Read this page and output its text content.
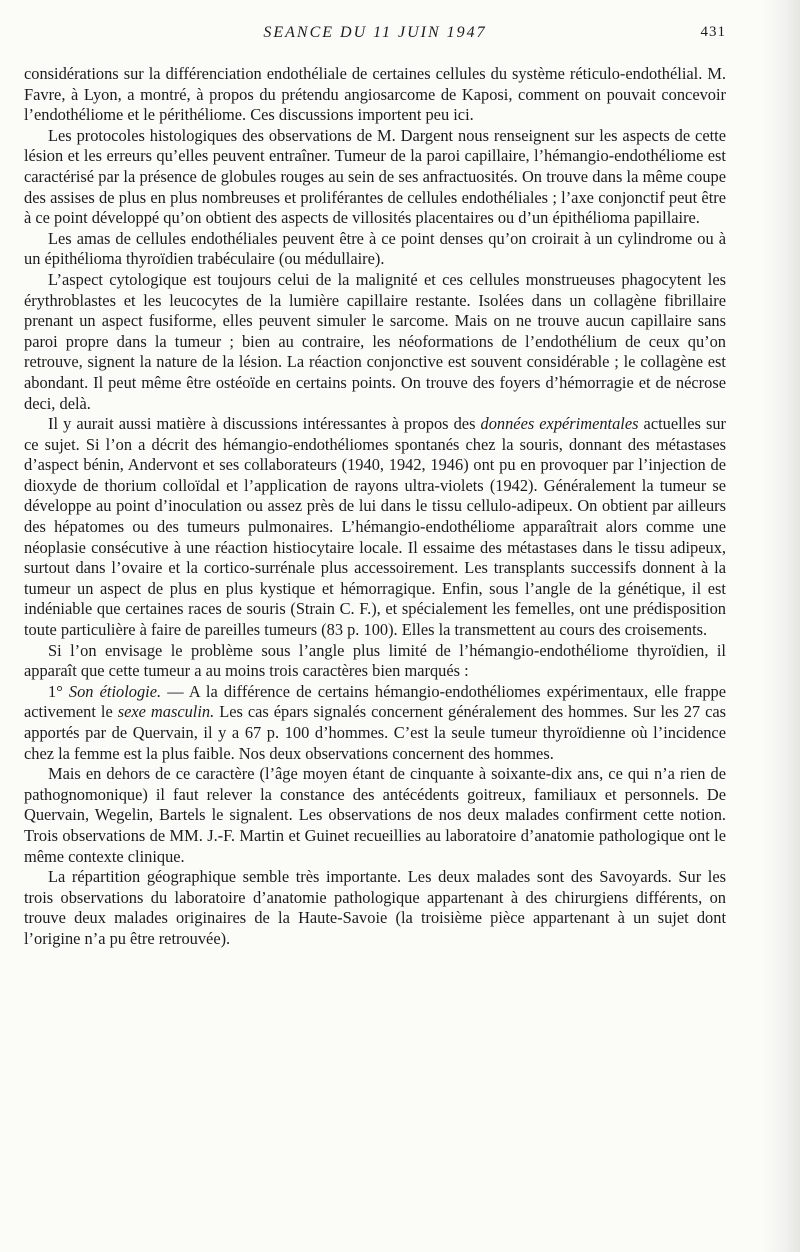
SEANCE DU 11 JUIN 1947	431

considérations sur la différenciation endothéliale de certaines cellules du système réticulo-endothélial. M. Favre, à Lyon, a montré, à propos du prétendu angiosarcome de Kaposi, comment on pouvait concevoir l’endothéliome et le périthéliome. Ces discussions importent peu ici.

Les protocoles histologiques des observations de M. Dargent nous renseignent sur les aspects de cette lésion et les erreurs qu’elles peuvent entraîner. Tumeur de la paroi capillaire, l’hémangio-endothéliome est caractérisé par la présence de globules rouges au sein de ses anfractuosités. On trouve dans la même coupe des assises de plus en plus nombreuses et proliférantes de cellules endothéliales ; l’axe conjonctif peut être à ce point développé qu’on obtient des aspects de villosités placentaires ou d’un épithélioma papillaire.

Les amas de cellules endothéliales peuvent être à ce point denses qu’on croirait à un cylindrome ou à un épithélioma thyroïdien trabéculaire (ou médullaire).

L’aspect cytologique est toujours celui de la malignité et ces cellules monstrueuses phagocytent les érythroblastes et les leucocytes de la lumière capillaire restante. Isolées dans un collagène fibrillaire prenant un aspect fusiforme, elles peuvent simuler le sarcome. Mais on ne trouve aucun capillaire sans paroi propre dans la tumeur ; bien au contraire, les néoformations de l’endothélium de ceux qu’on retrouve, signent la nature de la lésion. La réaction conjonctive est souvent considérable ; le collagène est abondant. Il peut même être ostéoïde en certains points. On trouve des foyers d’hémorragie et de nécrose deci, delà.

Il y aurait aussi matière à discussions intéressantes à propos des données expérimentales actuelles sur ce sujet. Si l’on a décrit des hémangio-endothéliomes spontanés chez la souris, donnant des métastases d’aspect bénin, Andervont et ses collaborateurs (1940, 1942, 1946) ont pu en provoquer par l’injection de dioxyde de thorium colloïdal et l’application de rayons ultra-violets (1942). Généralement la tumeur se développe au point d’inoculation ou assez près de lui dans le tissu cellulo-adipeux. On obtient par ailleurs des hépatomes ou des tumeurs pulmonaires. L’hémangio-endothéliome apparaîtrait alors comme une néoplasie consécutive à une réaction histiocytaire locale. Il essaime des métastases dans le tissu adipeux, surtout dans l’ovaire et la cortico-surrénale plus accessoirement. Les transplants successifs donnent à la tumeur un aspect de plus en plus kystique et hémorragique. Enfin, sous l’angle de la génétique, il est indéniable que certaines races de souris (Strain C. F.), et spécialement les femelles, ont une prédisposition toute particulière à faire de pareilles tumeurs (83 p. 100). Elles la transmettent au cours des croisements.

Si l’on envisage le problème sous l’angle plus limité de l’hémangio-endothéliome thyroïdien, il apparaît que cette tumeur a au moins trois caractères bien marqués :

1° Son étiologie. — A la différence de certains hémangio-endothéliomes expérimentaux, elle frappe activement le sexe masculin. Les cas épars signalés concernent généralement des hommes. Sur les 27 cas apportés par de Quervain, il y a 67 p. 100 d’hommes. C’est la seule tumeur thyroïdienne où l’incidence chez la femme est la plus faible. Nos deux observations concernent des hommes.

Mais en dehors de ce caractère (l’âge moyen étant de cinquante à soixante-dix ans, ce qui n’a rien de pathognomonique) il faut relever la constance des antécédents goitreux, familiaux et personnels. De Quervain, Wegelin, Bartels le signalent. Les observations de nos deux malades confirment cette notion. Trois observations de MM. J.-F. Martin et Guinet recueillies au laboratoire d’anatomie pathologique ont le même contexte clinique.

La répartition géographique semble très importante. Les deux malades sont des Savoyards. Sur les trois observations du laboratoire d’anatomie pathologique appartenant à des chirurgiens différents, on trouve deux malades originaires de la Haute-Savoie (la troisième pièce appartenant à un sujet dont l’origine n’a pu être retrouvée).
